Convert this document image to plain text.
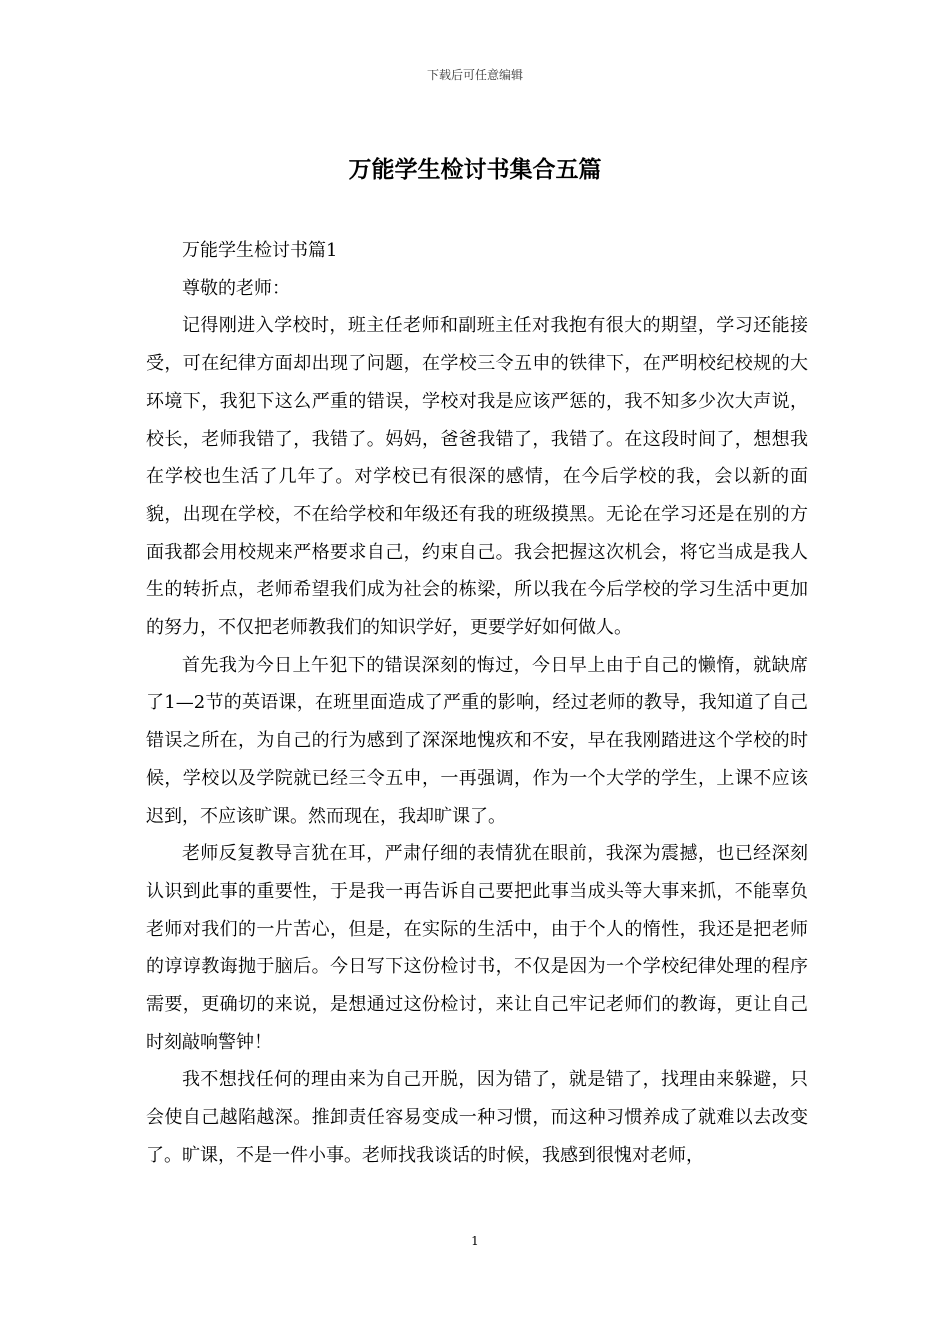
下载后可任意编辑
万能学生检讨书集合五篇

万能学生检讨书篇1

尊敬的老师：

记得刚进入学校时，班主任老师和副班主任对我抱有很大的期望，学习还能接受，可在纪律方面却出现了问题，在学校三令五申的铁律下，在严明校纪校规的大环境下，我犯下这么严重的错误，学校对我是应该严惩的，我不知多少次大声说，校长，老师我错了，我错了。妈妈，爸爸我错了，我错了。在这段时间了，想想我在学校也生活了几年了。对学校已有很深的感情，在今后学校的我，会以新的面貌，出现在学校，不在给学校和年级还有我的班级摸黑。无论在学习还是在别的方面我都会用校规来严格要求自己，约束自己。我会把握这次机会，将它当成是我人生的转折点，老师希望我们成为社会的栋梁，所以我在今后学校的学习生活中更加的努力，不仅把老师教我们的知识学好，更要学好如何做人。

首先我为今日上午犯下的错误深刻的悔过，今日早上由于自己的懒惰，就缺席了1—2节的英语课，在班里面造成了严重的影响，经过老师的教导，我知道了自己错误之所在，为自己的行为感到了深深地愧疚和不安，早在我刚踏进这个学校的时候，学校以及学院就已经三令五申，一再强调，作为一个大学的学生，上课不应该迟到，不应该旷课。然而现在，我却旷课了。

老师反复教导言犹在耳，严肃仔细的表情犹在眼前，我深为震撼，也已经深刻认识到此事的重要性，于是我一再告诉自己要把此事当成头等大事来抓，不能辜负老师对我们的一片苦心，但是，在实际的生活中，由于个人的惰性，我还是把老师的谆谆教诲抛于脑后。今日写下这份检讨书，不仅是因为一个学校纪律处理的程序需要，更确切的来说，是想通过这份检讨，来让自己牢记老师们的教诲，更让自己时刻敲响警钟！

我不想找任何的理由来为自己开脱，因为错了，就是错了，找理由来躲避，只会使自己越陷越深。推卸责任容易变成一种习惯，而这种习惯养成了就难以去改变了。旷课，不是一件小事。老师找我谈话的时候，我感到很愧对老师，

1
